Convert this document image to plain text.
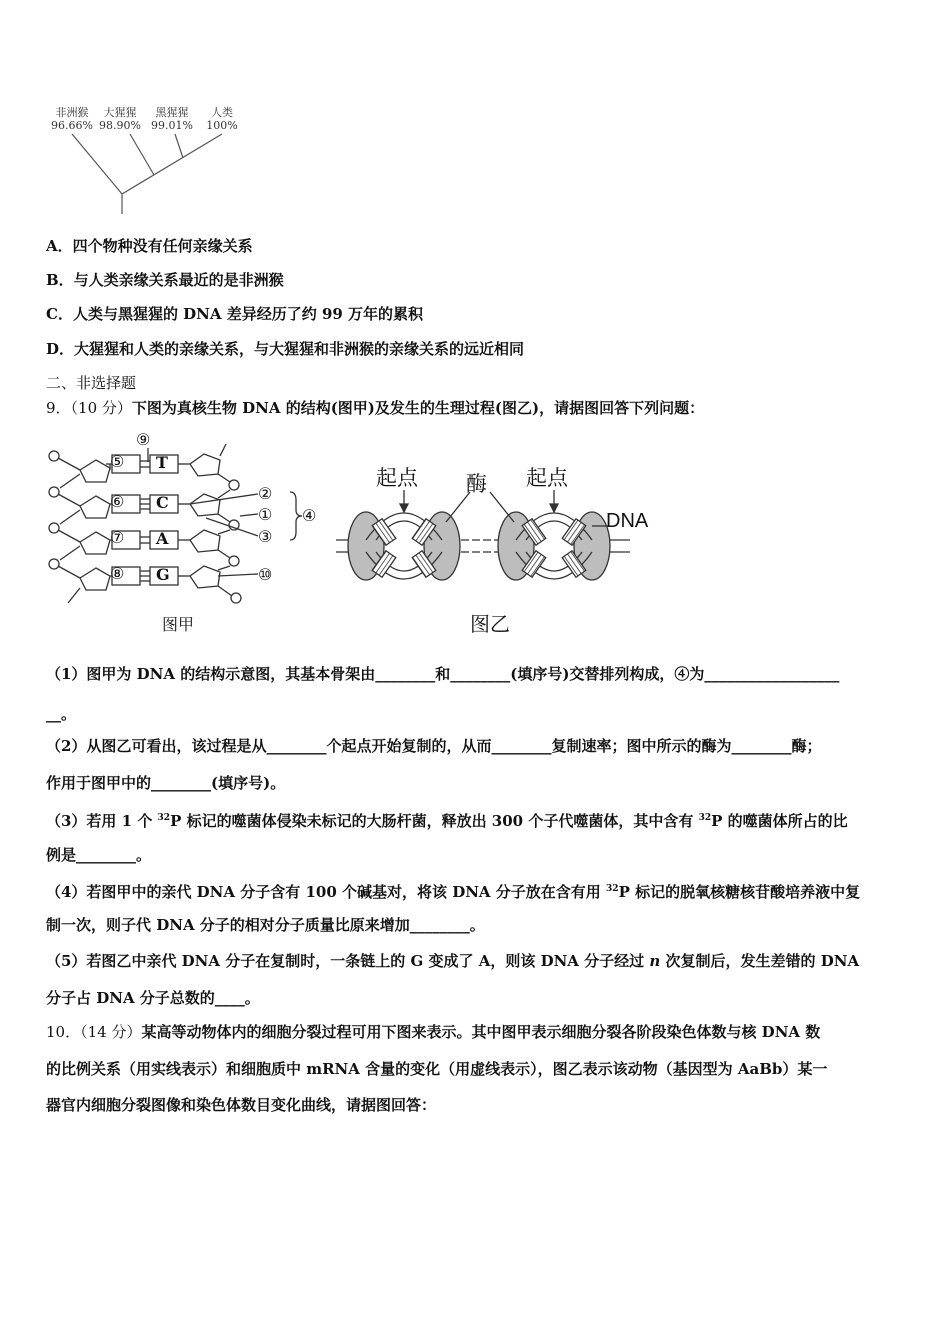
非洲猴
96.66%
大猩猩
98.90%
黑猩猩
99.01%
人类
100%
A．四个物种没有任何亲缘关系
B．与人类亲缘关系最近的是非洲猴
C．人类与黑猩猩的 DNA 差异经历了约 99 万年的累积
D．大猩猩和人类的亲缘关系，与大猩猩和非洲猴的亲缘关系的远近相同
二、非选择题
9．（10 分）下图为真核生物 DNA 的结构(图甲)及发生的生理过程(图乙)，请据图回答下列问题：
⑤
⑥
⑦
⑧
T
C
A
G
⑨
②
①
③
④
⑩
图甲
起点 酶 起点
DNA
图乙
（1）图甲为 DNA 的结构示意图，其基本骨架由________和________(填序号)交替排列构成，④为__________________
__。
（2）从图乙可看出，该过程是从________个起点开始复制的，从而________复制速率；图中所示的酶为________酶；
作用于图甲中的________(填序号)。
（3）若用 1 个 $^{32}$P 标记的噬菌体侵染未标记的大肠杆菌，释放出 300 个子代噬菌体，其中含有 $^{32}$P 的噬菌体所占的比
例是________。
（4）若图甲中的亲代 DNA 分子含有 100 个碱基对，将该 DNA 分子放在含有用 $^{32}$P 标记的脱氧核糖核苷酸培养液中复
制一次，则子代 DNA 分子的相对分子质量比原来增加________。
（5）若图乙中亲代 DNA 分子在复制时，一条链上的 G 变成了 A，则该 DNA 分子经过 n 次复制后，发生差错的 DNA
分子占 DNA 分子总数的____。
10．（14 分）某高等动物体内的细胞分裂过程可用下图来表示。其中图甲表示细胞分裂各阶段染色体数与核 DNA 数
的比例关系（用实线表示）和细胞质中 mRNA 含量的变化（用虚线表示），图乙表示该动物（基因型为 AaBb）某一
器官内细胞分裂图像和染色体数目变化曲线，请据图回答：
